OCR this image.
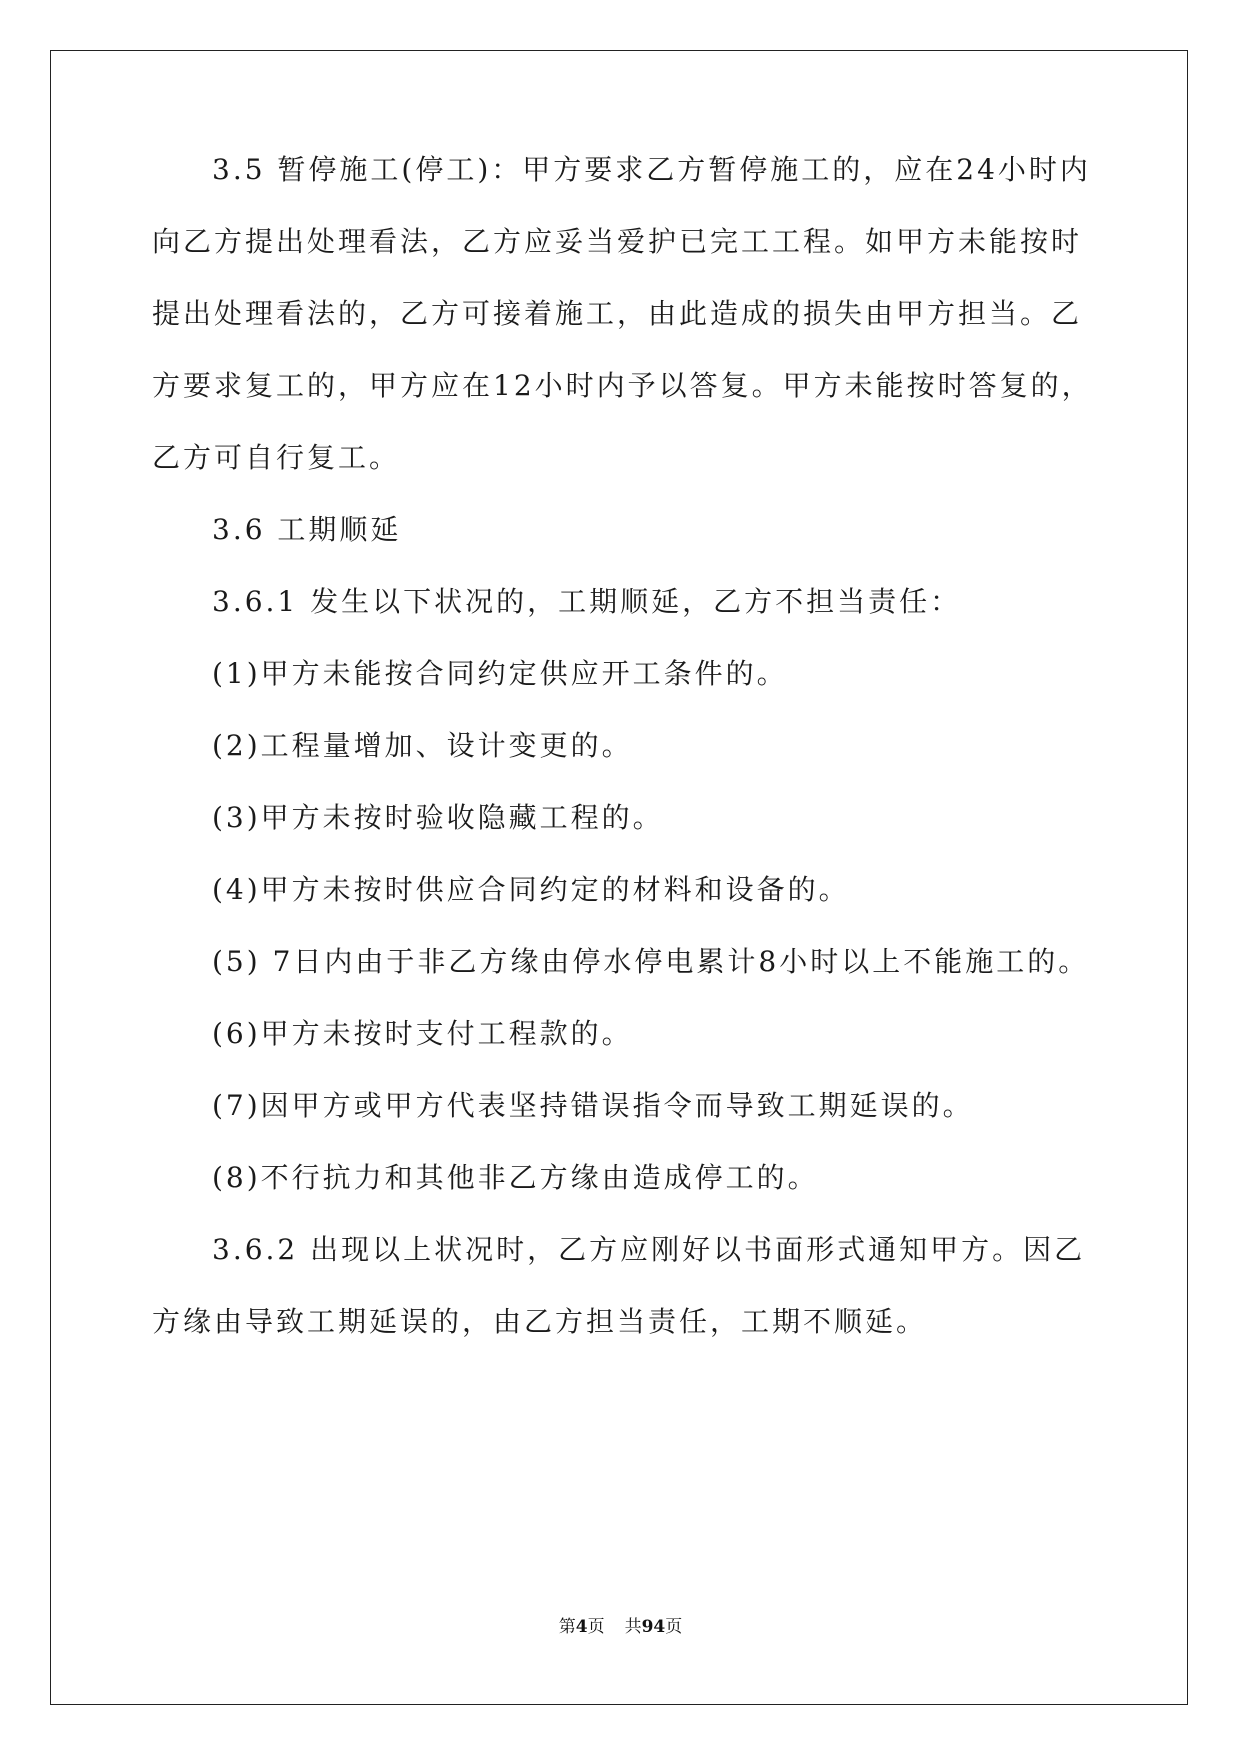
3.5 暂停施工(停工)：甲方要求乙方暂停施工的，应在24小时内
向乙方提出处理看法，乙方应妥当爱护已完工工程。如甲方未能按时
提出处理看法的，乙方可接着施工，由此造成的损失由甲方担当。乙
方要求复工的，甲方应在12小时内予以答复。甲方未能按时答复的，
乙方可自行复工。
3.6 工期顺延
3.6.1 发生以下状况的，工期顺延，乙方不担当责任：
(1)甲方未能按合同约定供应开工条件的。
(2)工程量增加、设计变更的。
(3)甲方未按时验收隐藏工程的。
(4)甲方未按时供应合同约定的材料和设备的。
(5) 7日内由于非乙方缘由停水停电累计8小时以上不能施工的。
(6)甲方未按时支付工程款的。
(7)因甲方或甲方代表坚持错误指令而导致工期延误的。
(8)不行抗力和其他非乙方缘由造成停工的。
3.6.2 出现以上状况时，乙方应刚好以书面形式通知甲方。因乙
方缘由导致工期延误的，由乙方担当责任，工期不顺延。
第4页 共94页
